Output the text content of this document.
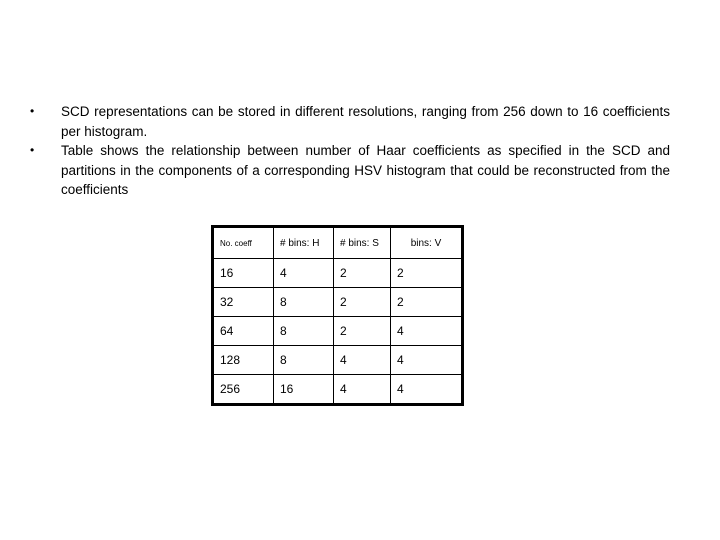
•	SCD representations can be stored in different resolutions, ranging from 256 down to 16 coefficients per histogram.
•	Table shows the relationship between number of Haar coefficients as specified in the SCD and partitions in the components of a corresponding HSV histogram that could be reconstructed from the coefficients
No. coeff	# bins: H	# bins: S	bins: V
16	4	2	2
32	8	2	2
64	8	2	4
128	8	4	4
256	16	4	4
